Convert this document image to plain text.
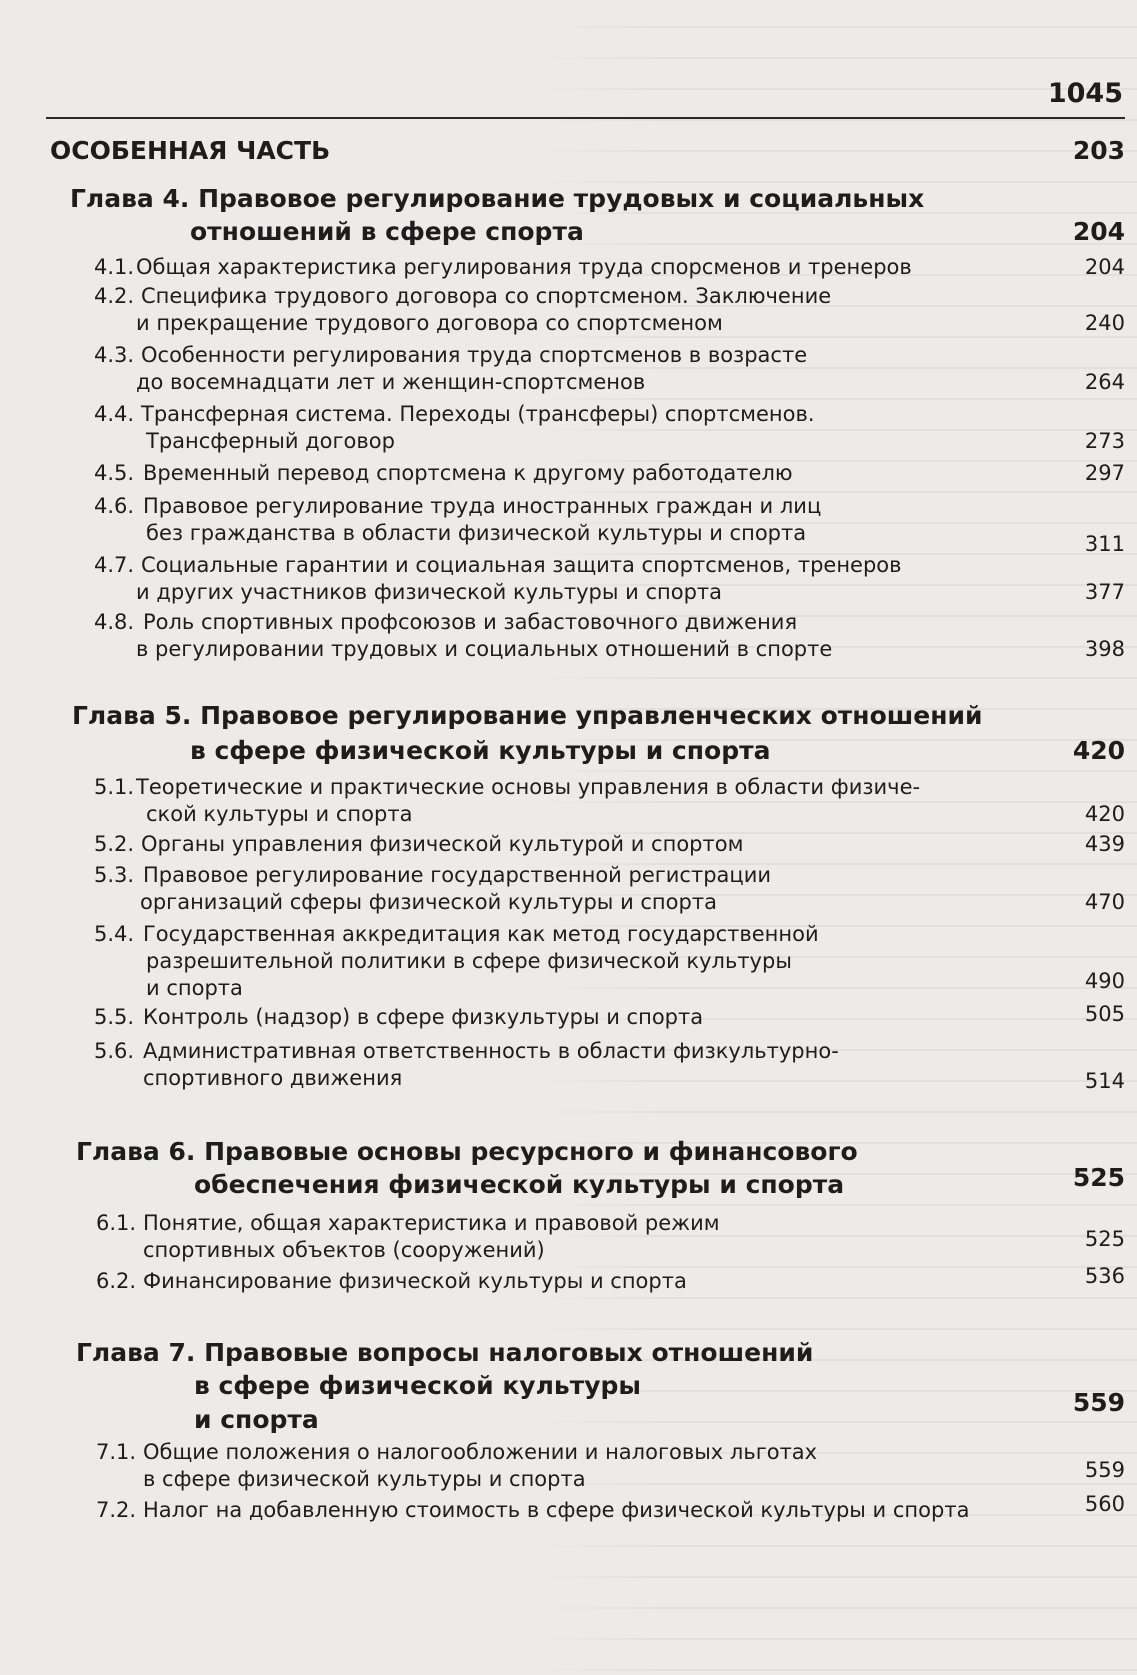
1045
ОСОБЕННАЯ ЧАСТЬ	203
Глава 4. Правовое регулирование трудовых и социальных
отношений в сфере спорта	204
4.1. Общая характеристика регулирования труда спорсменов и тренеров	204
4.2. Специфика трудового договора со спортсменом. Заключение
и прекращение трудового договора со спортсменом	240
4.3. Особенности регулирования труда спортсменов в возрасте
до восемнадцати лет и женщин-спортсменов	264
4.4. Трансферная система. Переходы (трансферы) спортсменов.
Трансферный договор	273
4.5. Временный перевод спортсмена к другому работодателю	297
4.6. Правовое регулирование труда иностранных граждан и лиц
без гражданства в области физической культуры и спорта	311
4.7. Социальные гарантии и социальная защита спортсменов, тренеров
и других участников физической культуры и спорта	377
4.8. Роль спортивных профсоюзов и забастовочного движения
в регулировании трудовых и социальных отношений в спорте	398
Глава 5. Правовое регулирование управленческих отношений
в сфере физической культуры и спорта	420
5.1. Теоретические и практические основы управления в области физиче-
ской культуры и спорта	420
5.2. Органы управления физической культурой и спортом	439
5.3. Правовое регулирование государственной регистрации
организаций сферы физической культуры и спорта	470
5.4. Государственная аккредитация как метод государственной
разрешительной политики в сфере физической культуры
и спорта	490
5.5. Контроль (надзор) в сфере физкультуры и спорта	505
5.6. Административная ответственность в области физкультурно-
спортивного движения	514
Глава 6. Правовые основы ресурсного и финансового
обеспечения физической культуры и спорта	525
6.1. Понятие, общая характеристика и правовой режим
спортивных объектов (сооружений)	525
6.2. Финансирование физической культуры и спорта	536
Глава 7. Правовые вопросы налоговых отношений
в сфере физической культуры
и спорта
559
7.1. Общие положения о налогообложении и налоговых льготах
в сфере физической культуры и спорта	559
7.2. Налог на добавленную стоимость в сфере физической культуры и спорта	560
